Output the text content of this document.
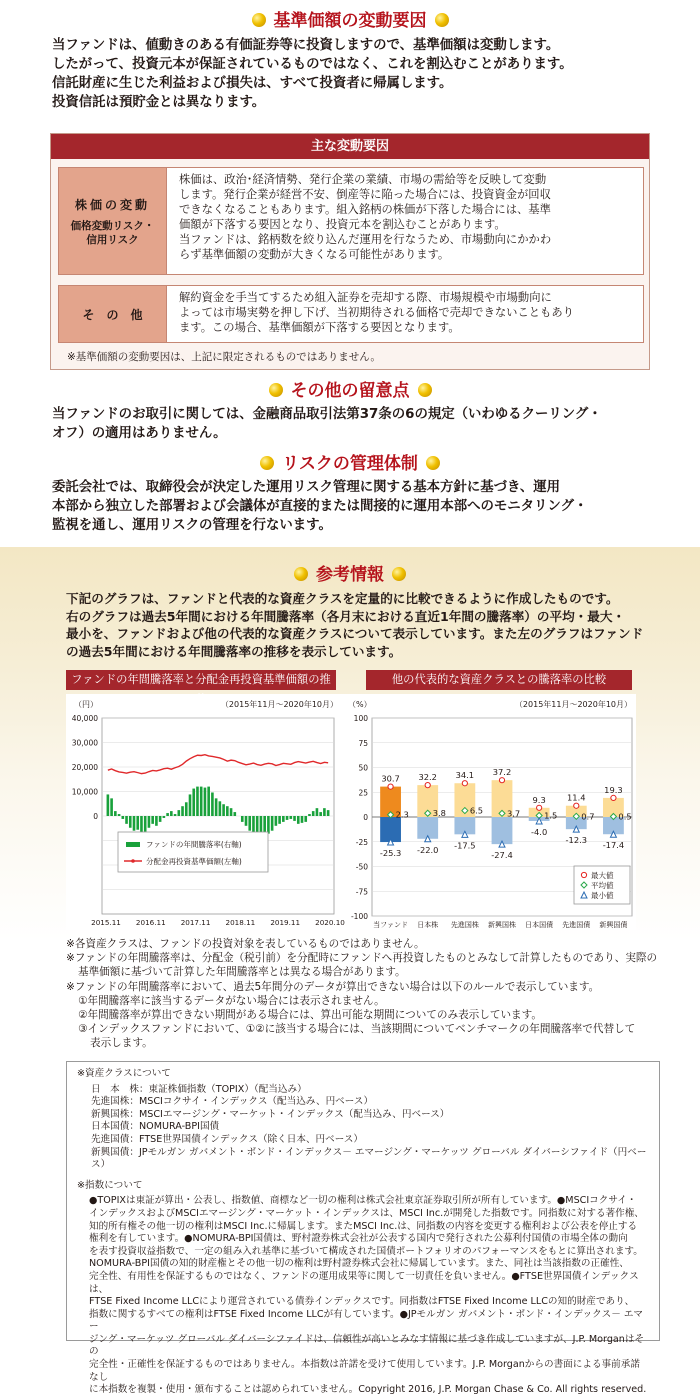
基準価額の変動要因
当ファンドは、値動きのある有価証券等に投資しますので、基準価額は変動します。
したがって、投資元本が保証されているものではなく、これを割込むことがあります。
信託財産に生じた利益および損失は、すべて投資者に帰属します。
投資信託は預貯金とは異なります。
主な変動要因
株価の変動
価格変動リスク・
信用リスク
株価は、政治･経済情勢、発行企業の業績、市場の需給等を反映して変動
します。発行企業が経営不安、倒産等に陥った場合には、投資資金が回収
できなくなることもあります。組入銘柄の株価が下落した場合には、基準
価額が下落する要因となり、投資元本を割込むことがあります。
当ファンドは、銘柄数を絞り込んだ運用を行なうため、市場動向にかかわ
らず基準価額の変動が大きくなる可能性があります。
そ　の　他
解約資金を手当てするため組入証券を売却する際、市場規模や市場動向に
よっては市場実勢を押し下げ、当初期待される価格で売却できないこともあり
ます。この場合、基準価額が下落する要因となります。
※基準価額の変動要因は、上記に限定されるものではありません。
その他の留意点
当ファンドのお取引に関しては、金融商品取引法第37条の6の規定（いわゆるクーリング・
オフ）の適用はありません。
リスクの管理体制
委託会社では、取締役会が決定した運用リスク管理に関する基本方針に基づき、運用
本部から独立した部署および会議体が直接的または間接的に運用本部へのモニタリング・
監視を通し、運用リスクの管理を行ないます。
参考情報
下記のグラフは、ファンドと代表的な資産クラスを定量的に比較できるように作成したものです。
右のグラフは過去5年間における年間騰落率（各月末における直近1年間の騰落率）の平均・最大・
最小を、ファンドおよび他の代表的な資産クラスについて表示しています。また左のグラフはファンド
の過去5年間における年間騰落率の推移を表示しています。
ファンドの年間騰落率と分配金再投資基準価額の推
（円）	（2015年11月～2020年10月）
40,000
30,000
20,000
10,000
0
2015.11 2016.11 2017.11 2018.11 2019.11 2020.10
ファンドの年間騰落率(右軸)
分配金再投資基準価額(左軸)
他の代表的な資産クラスとの騰落率の比較
（%）	（2015年11月～2020年10月）
100
75
50
25
0
-25
-50
-75
-100
30.7
2.3
-25.3
当ファンド
32.2
3.8
-22.0
日本株
34.1
6.5
-17.5
先進国株
37.2
3.7
-27.4
新興国株
9.3
1.5
-4.0
日本国債
11.4
0.7
-12.3
先進国債
19.3
0.5
-17.4
新興国債
最大値
平均値
最小値
※各資産クラスは、ファンドの投資対象を表しているものではありません。
※ファンドの年間騰落率は、分配金（税引前）を分配時にファンドへ再投資したものとみなして計算したものであり、実際の
基準価額に基づいて計算した年間騰落率とは異なる場合があります。
※ファンドの年間騰落率において、過去5年間分のデータが算出できない場合は以下のルールで表示しています。
①年間騰落率に該当するデータがない場合には表示されません。
②年間騰落率が算出できない期間がある場合には、算出可能な期間についてのみ表示しています。
③インデックスファンドにおいて、①②に該当する場合には、当該期間についてベンチマークの年間騰落率で代替して
表示します。
※資産クラスについて
日　本　株：東証株価指数（TOPIX）（配当込み）
先進国株：MSCIコクサイ・インデックス（配当込み、円ベース）
新興国株：MSCIエマージング・マーケット・インデックス（配当込み、円ベース）
日本国債：NOMURA-BPI国債
先進国債：FTSE世界国債インデックス（除く日本、円ベース）
新興国債：JPモルガン ガバメント・ボンド・インデックス－ エマージング・マーケッツ グローバル ダイバーシファイド（円ベース）
※指数について
●TOPIXは東証が算出・公表し、指数値、商標など一切の権利は株式会社東京証券取引所が所有しています。●MSCIコクサイ・
インデックスおよびMSCIエマージング・マーケット・インデックスは、MSCI Inc.が開発した指数です。同指数に対する著作権、
知的所有権その他一切の権利はMSCI Inc.に帰属します。またMSCI Inc.は、同指数の内容を変更する権利および公表を停止する
権利を有しています。●NOMURA-BPI国債は、野村證券株式会社が公表する国内で発行された公募利付国債の市場全体の動向
を表す投資収益指数で、一定の組み入れ基準に基づいて構成された国債ポートフォリオのパフォーマンスをもとに算出されます。
NOMURA-BPI国債の知的財産権とその他一切の権利は野村證券株式会社に帰属しています。また、同社は当該指数の正確性、
完全性、有用性を保証するものではなく、ファンドの運用成果等に関して一切責任を負いません。●FTSE世界国債インデックスは、
FTSE Fixed Income LLCにより運営されている債券インデックスです。同指数はFTSE Fixed Income LLCの知的財産であり、
指数に関するすべての権利はFTSE Fixed Income LLCが有しています。●JPモルガン ガバメント・ボンド・インデックス－ エマー
ジング・マーケッツ グローバル ダイバーシファイドは、信頼性が高いとみなす情報に基づき作成していますが、J.P. Morganはその
完全性・正確性を保証するものではありません。本指数は許諾を受けて使用しています。J.P. Morganからの書面による事前承諾なし
に本指数を複製・使用・頒布することは認められていません。Copyright 2016, J.P. Morgan Chase & Co. All rights reserved.
